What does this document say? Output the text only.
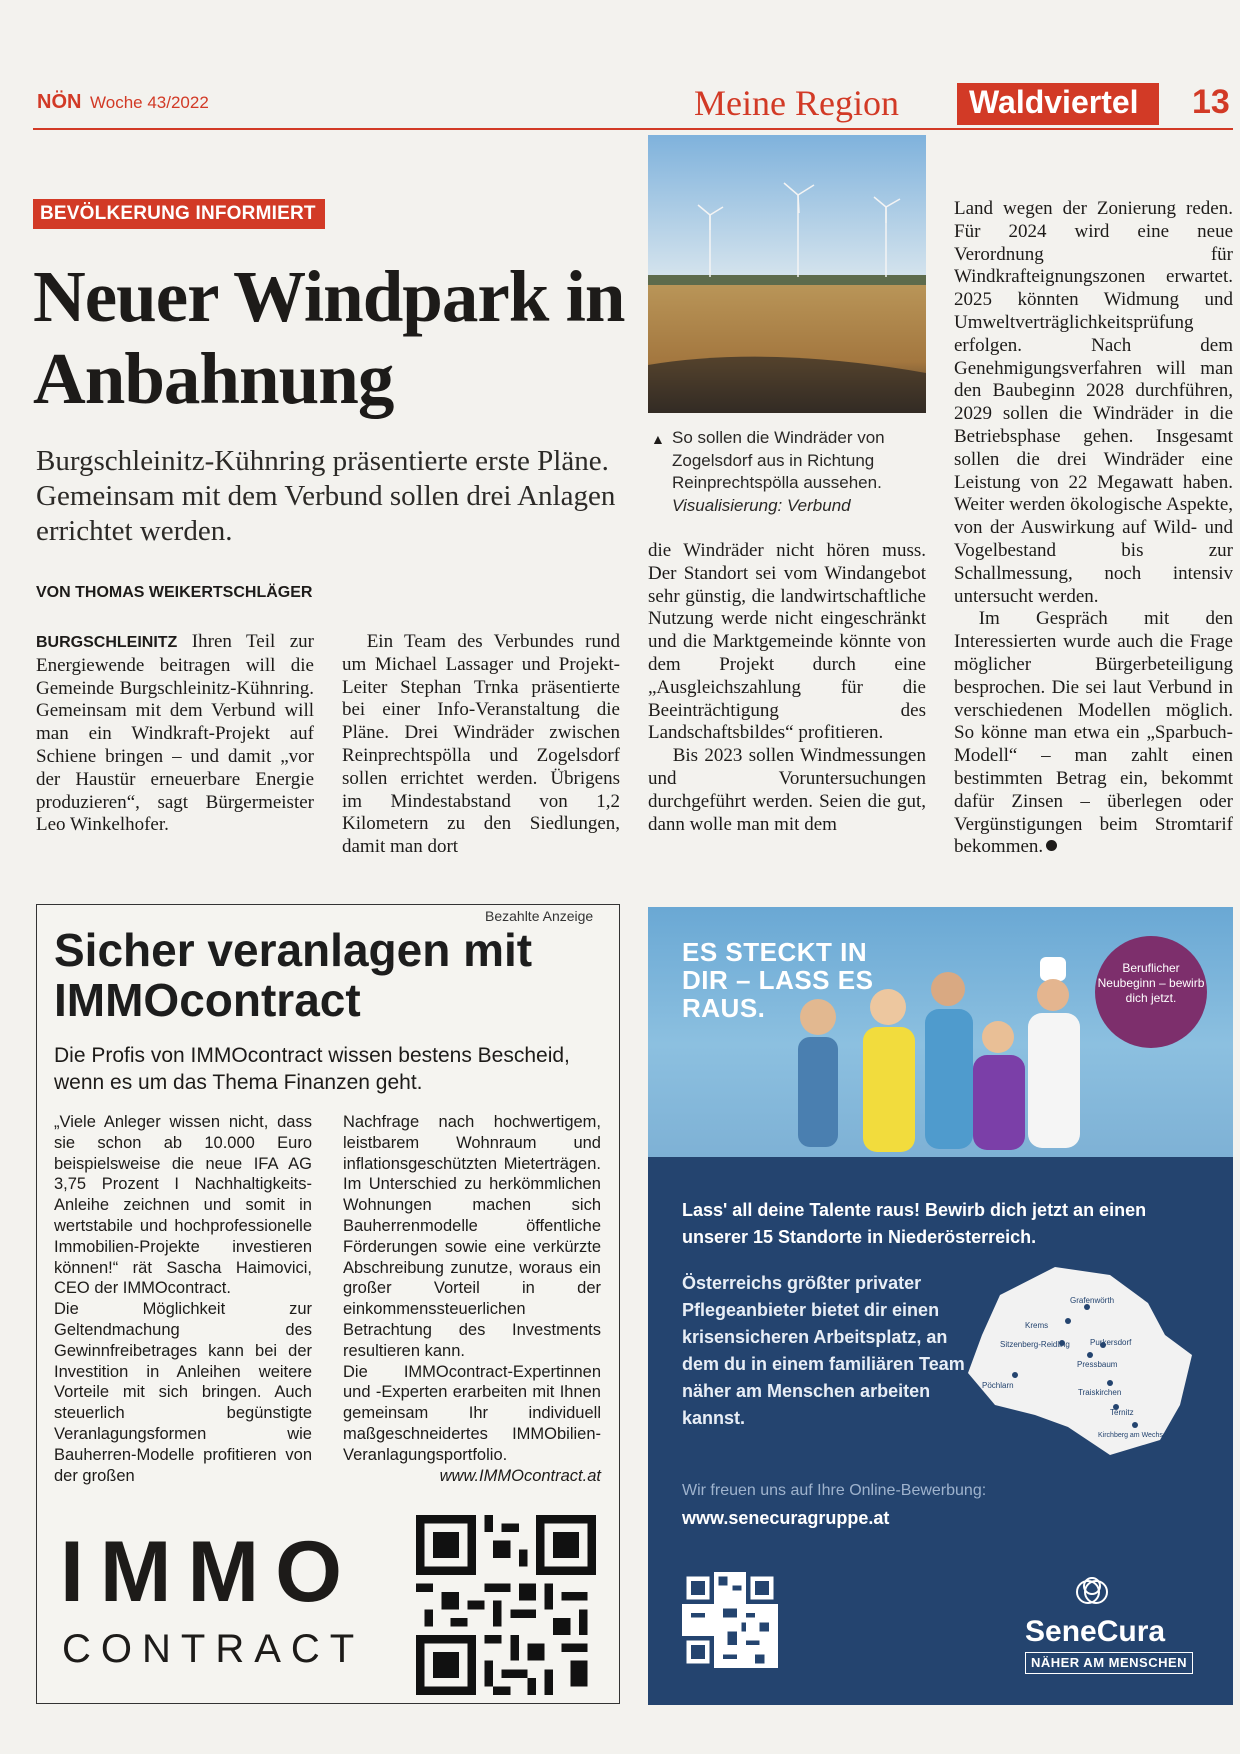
NÖN Woche 43/2022	Meine Region Waldviertel 13
BEVÖLKERUNG INFORMIERT
Neuer Windpark in Anbahnung
Burgschleinitz-Kühnring präsentierte erste Pläne. Gemeinsam mit dem Verbund sollen drei Anlagen errichtet werden.
VON THOMAS WEIKERTSCHLÄGER

BURGSCHLEINITZ Ihren Teil zur Energiewende beitragen will die Gemeinde Burgschleinitz-Kühnring. Gemeinsam mit dem Verbund will man ein Windkraft-Projekt auf Schiene bringen – und damit „vor der Haustür erneuerbare Energie produzieren“, sagt Bürgermeister Leo Winkelhofer.

Ein Team des Verbundes rund um Michael Lassager und Projekt-Leiter Stephan Trnka präsentierte bei einer Info-Veranstaltung die Pläne. Drei Windräder zwischen Reinprechtspölla und Zogelsdorf sollen errichtet werden. Übrigens im Mindestabstand von 1,2 Kilometern zu den Siedlungen, damit man dort

die Windräder nicht hören muss. Der Standort sei vom Windangebot sehr günstig, die landwirtschaftliche Nutzung werde nicht eingeschränkt und die Marktgemeinde könnte von dem Projekt durch eine „Ausgleichszahlung für die Beeinträchtigung des Landschaftsbildes“ profitieren.

Bis 2023 sollen Windmessungen und Voruntersuchungen durchgeführt werden. Seien die gut, dann wolle man mit dem

Land wegen der Zonierung reden. Für 2024 wird eine neue Verordnung für Windkrafteignungszonen erwartet. 2025 könnten Widmung und Umweltverträglichkeitsprüfung erfolgen. Nach dem Genehmigungsverfahren will man den Baubeginn 2028 durchführen, 2029 sollen die Windräder in die Betriebsphase gehen. Insgesamt sollen die drei Windräder eine Leistung von 22 Megawatt haben. Weiter werden ökologische Aspekte, von der Auswirkung auf Wild- und Vogelbestand bis zur Schallmessung, noch intensiv untersucht werden.

Im Gespräch mit den Interessierten wurde auch die Frage möglicher Bürgerbeteiligung besprochen. Die sei laut Verbund in verschiedenen Modellen möglich. So könne man etwa ein „Sparbuch-Modell“ – man zahlt einen bestimmten Betrag ein, bekommt dafür Zinsen – überlegen oder Vergünstigungen beim Stromtarif bekommen.

▲ So sollen die Windräder von Zogelsdorf aus in Richtung Reinprechtspölla aussehen.
Visualisierung: Verbund
Bezahlte Anzeige
Sicher veranlagen mit IMMOcontract
Die Profis von IMMOcontract wissen bestens Bescheid, wenn es um das Thema Finanzen geht.

„Viele Anleger wissen nicht, dass sie schon ab 10.000 Euro beispielsweise die neue IFA AG 3,75 Prozent I Nachhaltigkeits-Anleihe zeichnen und somit in wertstabile und hochprofessionelle Immobilien-Projekte investieren können!“ rät Sascha Haimovici, CEO der IMMOcontract.

Die Möglichkeit zur Geltendmachung des Gewinnfreibetrages kann bei der Investition in Anleihen weitere Vorteile mit sich bringen. Auch steuerlich begünstigte Veranlagungsformen wie Bauherren-Modelle profitieren von der großen

Nachfrage nach hochwertigem, leistbarem Wohnraum und inflationsgeschützten Mieterträgen. Im Unterschied zu herkömmlichen Wohnungen machen sich Bauherrenmodelle öffentliche Förderungen sowie eine verkürzte Abschreibung zunutze, woraus ein großer Vorteil in der einkommenssteuerlichen Betrachtung des Investments resultieren kann.

Die IMMOcontract-Expertinnen und -Experten erarbeiten mit Ihnen gemeinsam Ihr individuell maßgeschneidertes IMMObilien-Veranlagungsportfolio.

www.IMMOcontract.at
IMMO
CONTRACT
ES STECKT IN DIR – LASS ES RAUS.
Beruflicher Neubeginn – bewirb dich jetzt.
Lass' all deine Talente raus! Bewirb dich jetzt an einen unserer 15 Standorte in Niederösterreich.
Österreichs größter privater Pflegeanbieter bietet dir einen krisensicheren Arbeitsplatz, an dem du in einem familiären Team näher am Menschen arbeiten kannst.
Krems
Grafenwörth
Sitzenberg-Reidling	Purkersdorf
Pressbaum
Pöchlarn
Traiskirchen
Ternitz
Kirchberg am Wechsel
Wir freuen uns auf Ihre Online-Bewerbung:
www.senecuragruppe.at
SeneCura
NÄHER AM MENSCHEN
